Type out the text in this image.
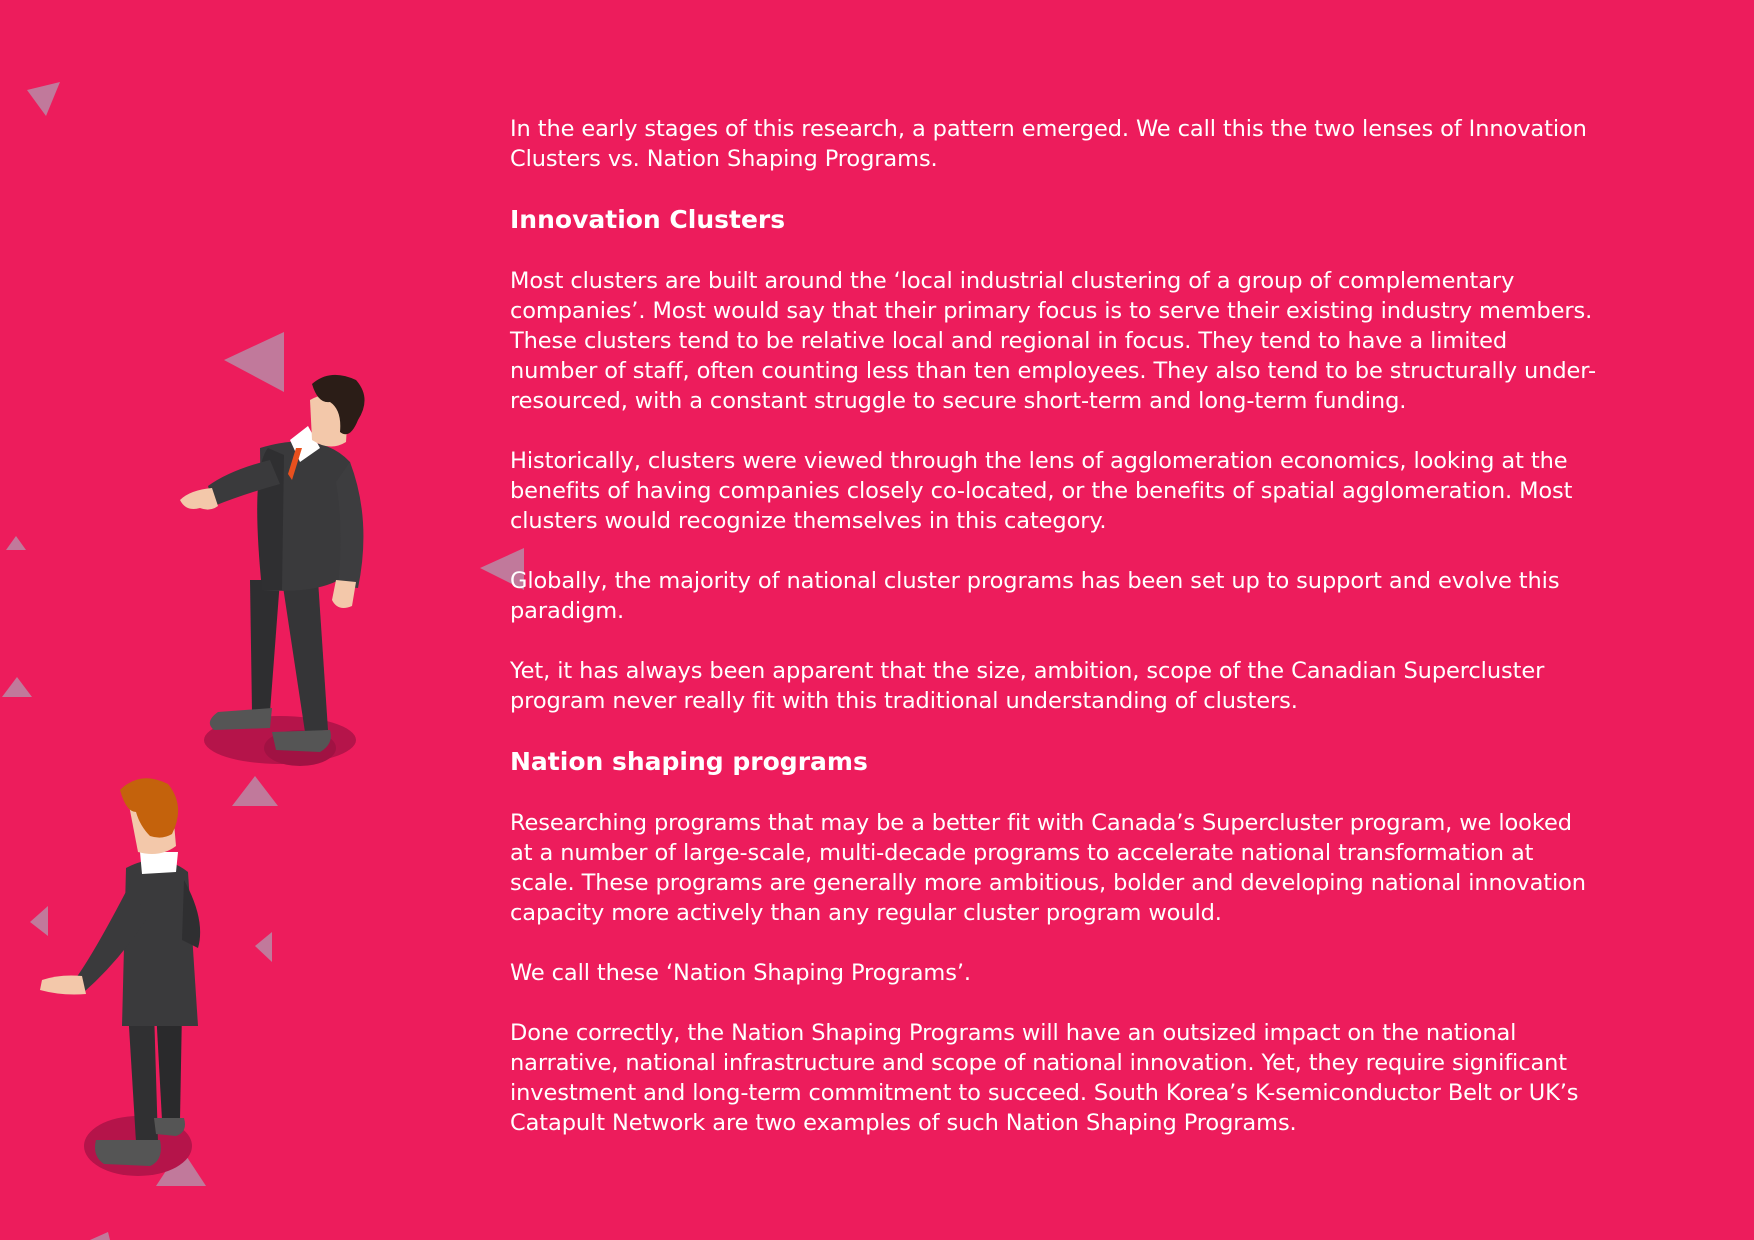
In the early stages of this research, a pattern emerged. We call this the two lenses of Innovation Clusters vs. Nation Shaping Programs.

Innovation Clusters

Most clusters are built around the ‘local industrial clustering of a group of complementary companies’. Most would say that their primary focus is to serve their existing industry members. These clusters tend to be relative local and regional in focus. They tend to have a limited number of staff, often counting less than ten employees. They also tend to be structurally under-resourced, with a constant struggle to secure short-term and long-term funding.

Historically, clusters were viewed through the lens of agglomeration economics, looking at the benefits of having companies closely co-located, or the benefits of spatial agglomeration. Most clusters would recognize themselves in this category.

Globally, the majority of national cluster programs has been set up to support and evolve this paradigm.

Yet, it has always been apparent that the size, ambition, scope of the Canadian Supercluster program never really fit with this traditional understanding of clusters.

Nation shaping programs

Researching programs that may be a better fit with Canada’s Supercluster program, we looked at a number of large-scale, multi-decade programs to accelerate national transformation at scale. These programs are generally more ambitious, bolder and developing national innovation capacity more actively than any regular cluster program would.

We call these ‘Nation Shaping Programs’.

Done correctly, the Nation Shaping Programs will have an outsized impact on the national narrative, national infrastructure and scope of national innovation. Yet, they require significant investment and long-term commitment to succeed. South Korea’s K-semiconductor Belt or UK’s Catapult Network are two examples of such Nation Shaping Programs.
